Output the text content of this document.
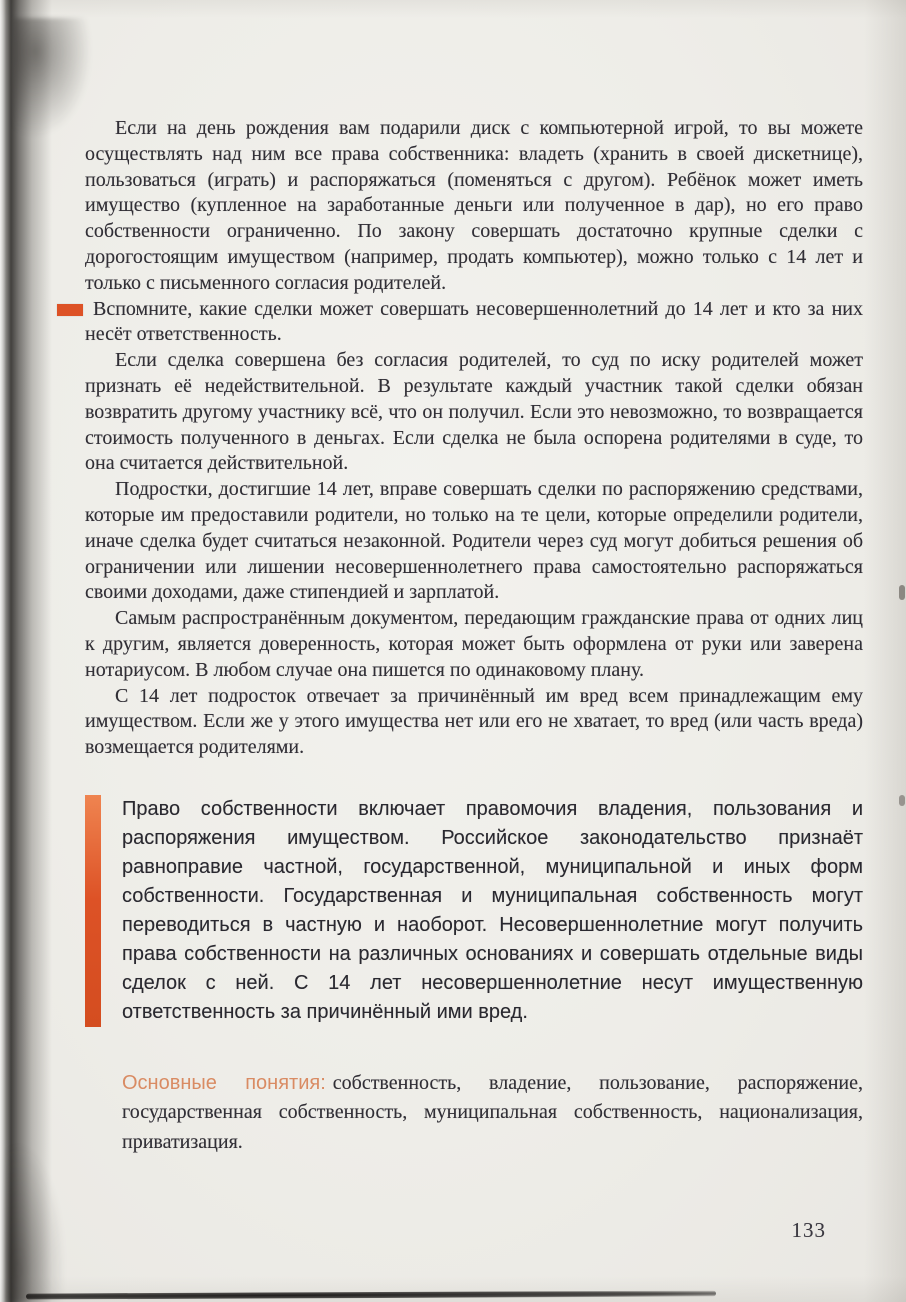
Если на день рождения вам подарили диск с компьютерной игрой, то вы можете осуществлять над ним все права собственника: владеть (хранить в своей дискетнице), пользоваться (играть) и распоряжаться (поменяться с другом). Ребёнок может иметь имущество (купленное на заработанные деньги или полученное в дар), но его право собственности ограниченно. По закону совершать достаточно крупные сделки с дорогостоящим имуществом (например, продать компьютер), можно только с 14 лет и только с письменного согласия родителей.

Вспомните, какие сделки может совершать несовершеннолетний до 14 лет и кто за них несёт ответственность.

Если сделка совершена без согласия родителей, то суд по иску родителей может признать её недействительной. В результате каждый участник такой сделки обязан возвратить другому участнику всё, что он получил. Если это невозможно, то возвращается стоимость полученного в деньгах. Если сделка не была оспорена родителями в суде, то она считается действительной.

Подростки, достигшие 14 лет, вправе совершать сделки по распоряжению средствами, которые им предоставили родители, но только на те цели, которые определили родители, иначе сделка будет считаться незаконной. Родители через суд могут добиться решения об ограничении или лишении несовершеннолетнего права самостоятельно распоряжаться своими доходами, даже стипендией и зарплатой.

Самым распространённым документом, передающим гражданские права от одних лиц к другим, является доверенность, которая может быть оформлена от руки или заверена нотариусом. В любом случае она пишется по одинаковому плану.

С 14 лет подросток отвечает за причинённый им вред всем принадлежащим ему имуществом. Если же у этого имущества нет или его не хватает, то вред (или часть вреда) возмещается родителями.

Право собственности включает правомочия владения, пользования и распоряжения имуществом. Российское законодательство признаёт равноправие частной, государственной, муниципальной и иных форм собственности. Государственная и муниципальная собственность могут переводиться в частную и наоборот. Несовершеннолетние могут получить права собственности на различных основаниях и совершать отдельные виды сделок с ней. С 14 лет несовершеннолетние несут имущественную ответственность за причинённый ими вред.

Основные понятия: собственность, владение, пользование, распоряжение, государственная собственность, муниципальная собственность, национализация, приватизация.

133
